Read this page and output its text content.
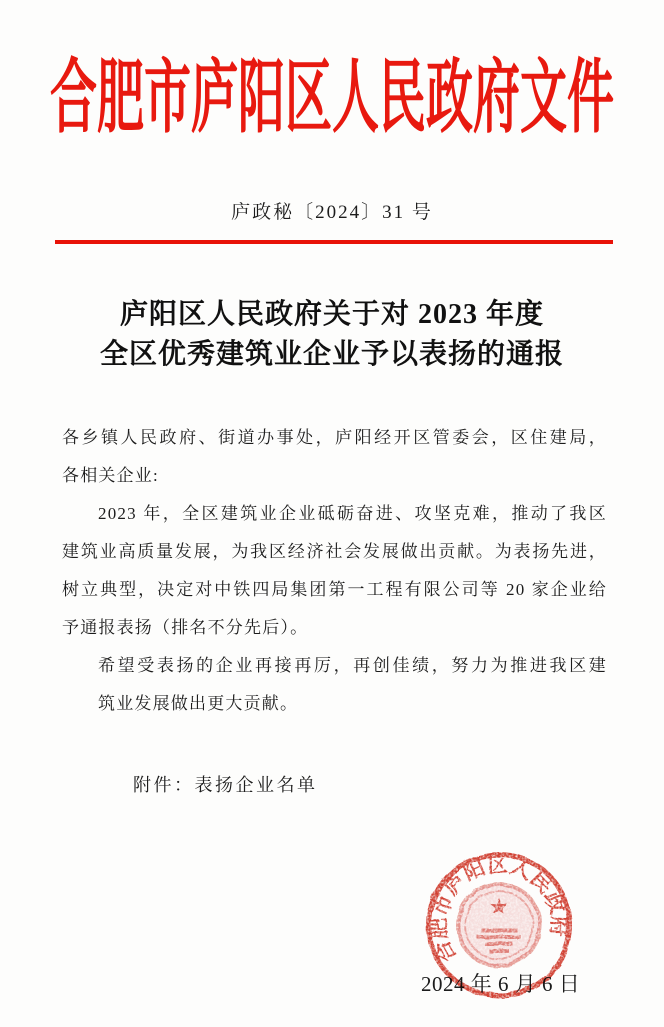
合肥市庐阳区人民政府文件
庐政秘〔2024〕31 号
庐阳区人民政府关于对 2023 年度
全区优秀建筑业企业予以表扬的通报
各乡镇人民政府、街道办事处，庐阳经开区管委会，区住建局，
各相关企业:
2023 年，全区建筑业企业砥砺奋进、攻坚克难，推动了我区
建筑业高质量发展，为我区经济社会发展做出贡献。为表扬先进，
树立典型，决定对中铁四局集团第一工程有限公司等 20 家企业给
予通报表扬（排名不分先后）。
希望受表扬的企业再接再厉，再创佳绩，努力为推进我区建
筑业发展做出更大贡献。
附件：表扬企业名单
2024 年 6 月 6 日
合肥市庐阳区人民政府
